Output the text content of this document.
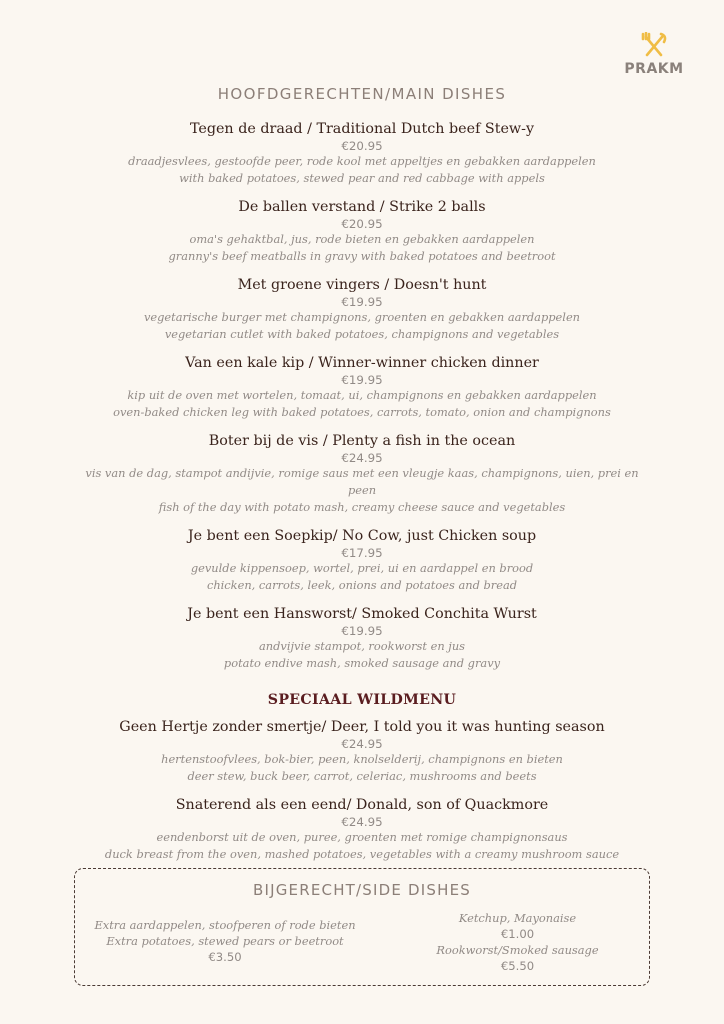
PRAKM
HOOFDGERECHTEN/MAIN DISHES
Tegen de draad / Traditional Dutch beef Stew-y
€20.95
draadjesvlees, gestoofde peer, rode kool met appeltjes en gebakken aardappelen
with baked potatoes, stewed pear and red cabbage with appels
De ballen verstand / Strike 2 balls
€20.95
oma's gehaktbal, jus, rode bieten en gebakken aardappelen
granny's beef meatballs in gravy with baked potatoes and beetroot
Met groene vingers / Doesn't hunt
€19.95
vegetarische burger met champignons, groenten en gebakken aardappelen
vegetarian cutlet with baked potatoes, champignons and vegetables
Van een kale kip / Winner-winner chicken dinner
€19.95
kip uit de oven met wortelen, tomaat, ui, champignons en gebakken aardappelen
oven-baked chicken leg with baked potatoes, carrots, tomato, onion and champignons
Boter bij de vis / Plenty a fish in the ocean
€24.95
vis van de dag, stampot andijvie, romige saus met een vleugje kaas, champignons, uien, prei en peen
fish of the day with potato mash, creamy cheese sauce and vegetables
Je bent een Soepkip/ No Cow, just Chicken soup
€17.95
gevulde kippensoep, wortel, prei, ui en aardappel en brood
chicken, carrots, leek, onions and potatoes and bread
Je bent een Hansworst/ Smoked Conchita Wurst
€19.95
andvijvie stampot, rookworst en jus
potato endive mash, smoked sausage and gravy
SPECIAAL WILDMENU
Geen Hertje zonder smertje/ Deer, I told you it was hunting season
€24.95
hertenstoofvlees, bok-bier, peen, knolselderij, champignons en bieten
deer stew, buck beer, carrot, celeriac, mushrooms and beets
Snaterend als een eend/ Donald, son of Quackmore
€24.95
eendenborst uit de oven, puree, groenten met romige champignonsaus
duck breast from the oven, mashed potatoes, vegetables with a creamy mushroom sauce
BIJGERECHT/SIDE DISHES
Extra aardappelen, stoofperen of rode bieten
Extra potatoes, stewed pears or beetroot
€3.50
Ketchup, Mayonaise
€1.00
Rookworst/Smoked sausage
€5.50
